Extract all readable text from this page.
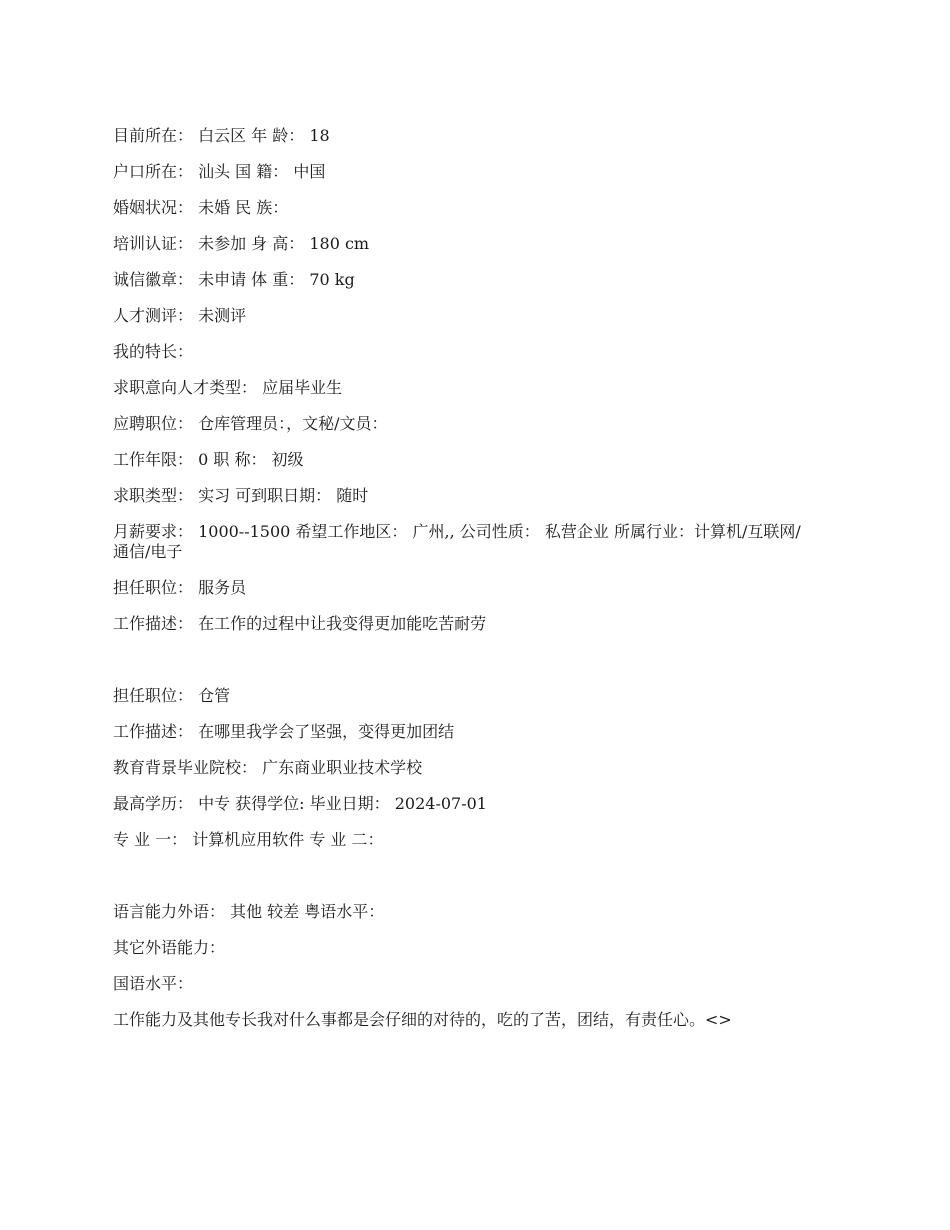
目前所在： 白云区 年 龄： 18

户口所在： 汕头 国 籍： 中国

婚姻状况： 未婚 民 族：

培训认证： 未参加 身 高： 180 cm

诚信徽章： 未申请 体 重： 70 kg

人才测评： 未测评

我的特长：

求职意向人才类型： 应届毕业生

应聘职位： 仓库管理员：，文秘/文员：

工作年限： 0 职 称： 初级

求职类型： 实习 可到职日期： 随时

月薪要求： 1000--1500 希望工作地区： 广州,, 公司性质： 私营企业 所属行业：计算机/互联网/通信/电子

担任职位： 服务员

工作描述： 在工作的过程中让我变得更加能吃苦耐劳

担任职位： 仓管

工作描述： 在哪里我学会了坚强，变得更加团结

教育背景毕业院校： 广东商业职业技术学校

最高学历： 中专 获得学位: 毕业日期： 2024-07-01

专 业 一： 计算机应用软件 专 业 二：

语言能力外语： 其他 较差 粤语水平：

其它外语能力：

国语水平：

工作能力及其他专长我对什么事都是会仔细的对待的，吃的了苦，团结，有责任心。<>
